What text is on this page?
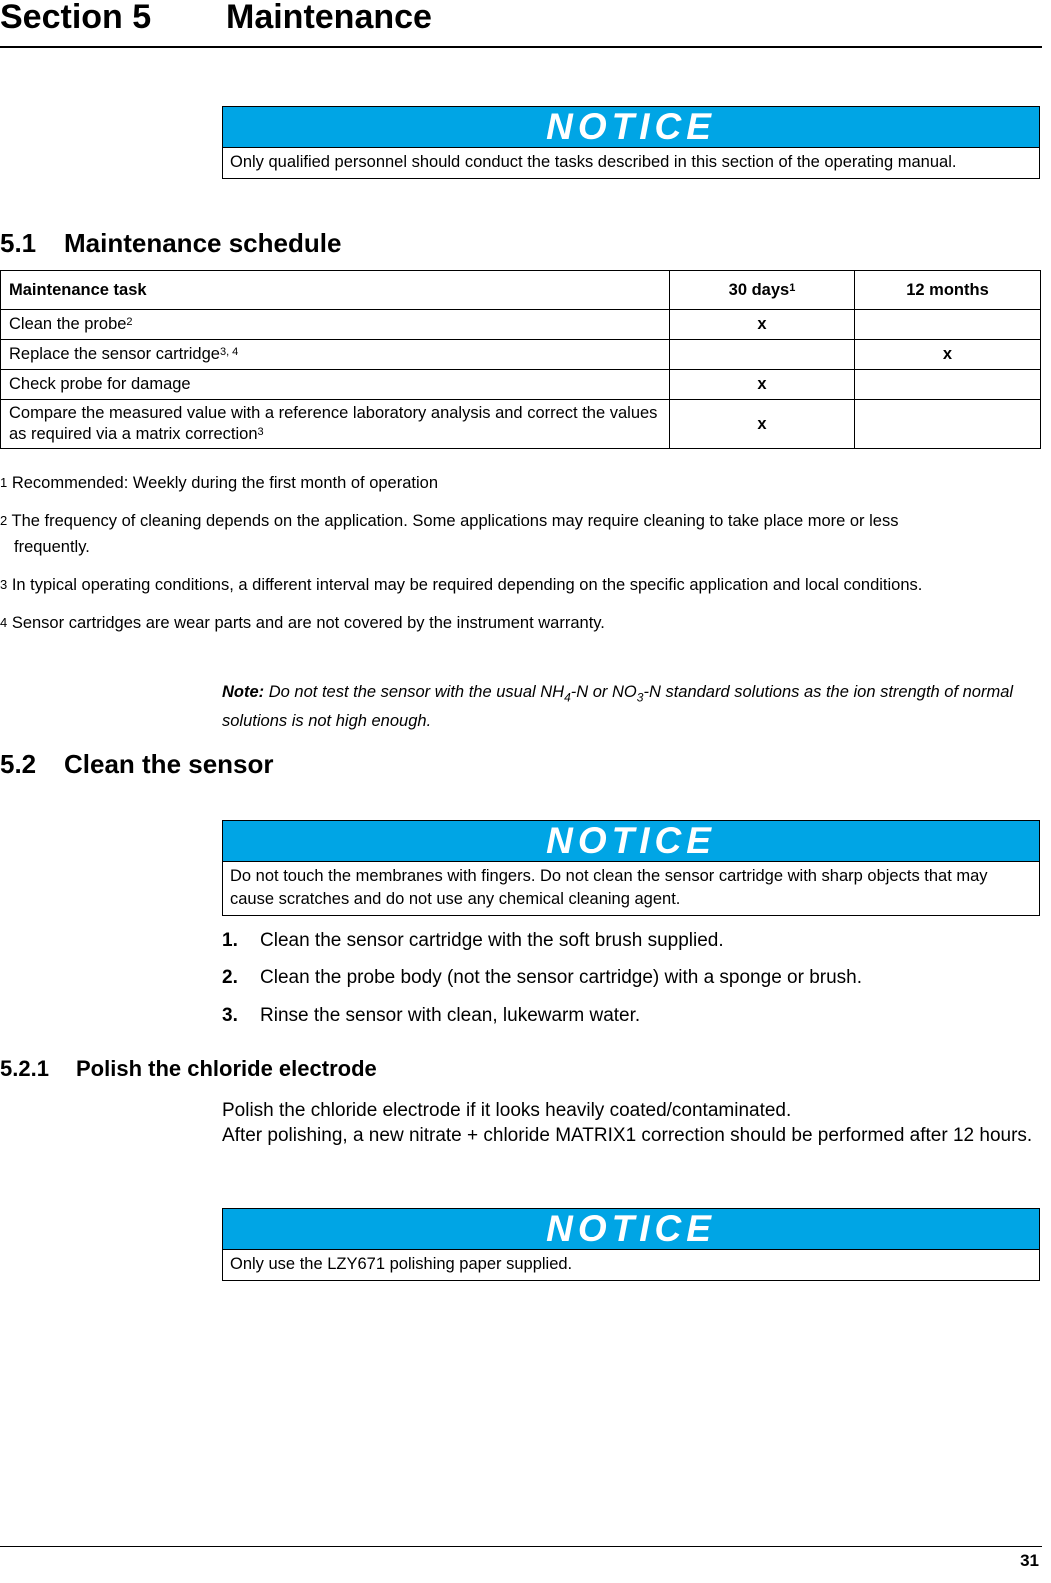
Section 5 Maintenance
NOTICE
Only qualified personnel should conduct the tasks described in this section of the operating manual.
5.1 Maintenance schedule
Maintenance task	30 days$^1$	12 months
Clean the probe$^2$	x	
Replace the sensor cartridge$^{3, 4}$		x
Check probe for damage	x	
Compare the measured value with a reference laboratory analysis and correct the values as required via a matrix correction$^3$	x	
$^1$ Recommended: Weekly during the first month of operation
$^2$ The frequency of cleaning depends on the application. Some applications may require cleaning to take place more or less
frequently.
$^3$ In typical operating conditions, a different interval may be required depending on the specific application and local conditions.
$^4$ Sensor cartridges are wear parts and are not covered by the instrument warranty.
Note: Do not test the sensor with the usual $NH_4-N$ or $NO_3-N$ standard solutions as the ion strength of normal solutions is not high enough.
5.2 Clean the sensor
NOTICE
Do not touch the membranes with fingers. Do not clean the sensor cartridge with sharp objects that may cause scratches and do not use any chemical cleaning agent.
1. Clean the sensor cartridge with the soft brush supplied.
2. Clean the probe body (not the sensor cartridge) with a sponge or brush.
3. Rinse the sensor with clean, lukewarm water.
5.2.1 Polish the chloride electrode
Polish the chloride electrode if it looks heavily coated/contaminated.
After polishing, a new nitrate + chloride MATRIX1 correction should be performed after 12 hours.
NOTICE
Only use the LZY671 polishing paper supplied.
31
